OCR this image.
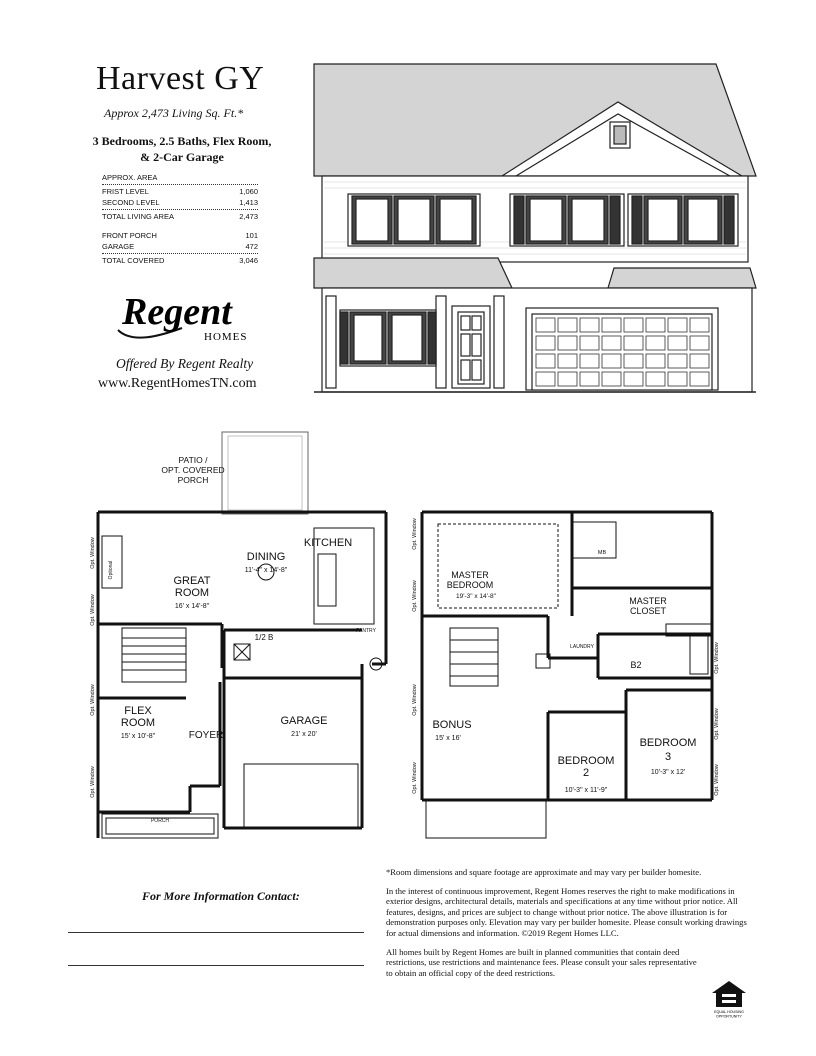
Harvest GY
Approx 2,473 Living Sq. Ft.*
3 Bedrooms, 2.5 Baths, Flex Room,
& 2-Car Garage
APPROX. AREA
FRIST LEVEL	1,060
SECOND LEVEL	1,413
TOTAL LIVING AREA	2,473
FRONT PORCH	101
GARAGE	472
TOTAL COVERED	3,046
Regent
HOMES
Offered By Regent Realty
www.RegentHomesTN.com
PATIO /
OPT. COVERED
PORCH
GREAT
ROOM
16' x 14'-8"
DINING
11'-4" x 14'-8"
KITCHEN
PANTRY
Optional
1/2 B
FLEX
ROOM
15' x 10'-8"	FOYER
GARAGE
21' x 20'
PORCH
Opt. Window
Opt. Window
Opt. Window
Opt. Window
MASTER
BEDROOM
19'-3" x 14'-8"
MB
MASTER
CLOSET
LAUNDRY
B2
BONUS
15' x 16'
BEDROOM
2
10'-3" x 11'-9"
BEDROOM
3
10'-3" x 12'
Opt. Window
Opt. Window
Opt. Window
Opt. Window
Opt. Window
Opt. Window
Opt. Window
For More Information Contact:

*Room dimensions and square footage are approximate and may vary per builder homesite.

In the interest of continuous improvement, Regent Homes reserves the right to make modifications in exterior designs, architectural details, materials and specifications at any time without prior notice. All features, designs, and prices are subject to change without prior notice. The above illustration is for demonstration purposes only. Elevation may vary per builder homesite. Please consult working drawings for actual dimensions and information. ©2019 Regent Homes LLC.

All homes built by Regent Homes are built in planned communities that contain deed restrictions, use restrictions and maintenance fees. Please consult your sales representative to obtain an official copy of the deed restrictions.

EQUAL HOUSING
OPPORTUNITY
